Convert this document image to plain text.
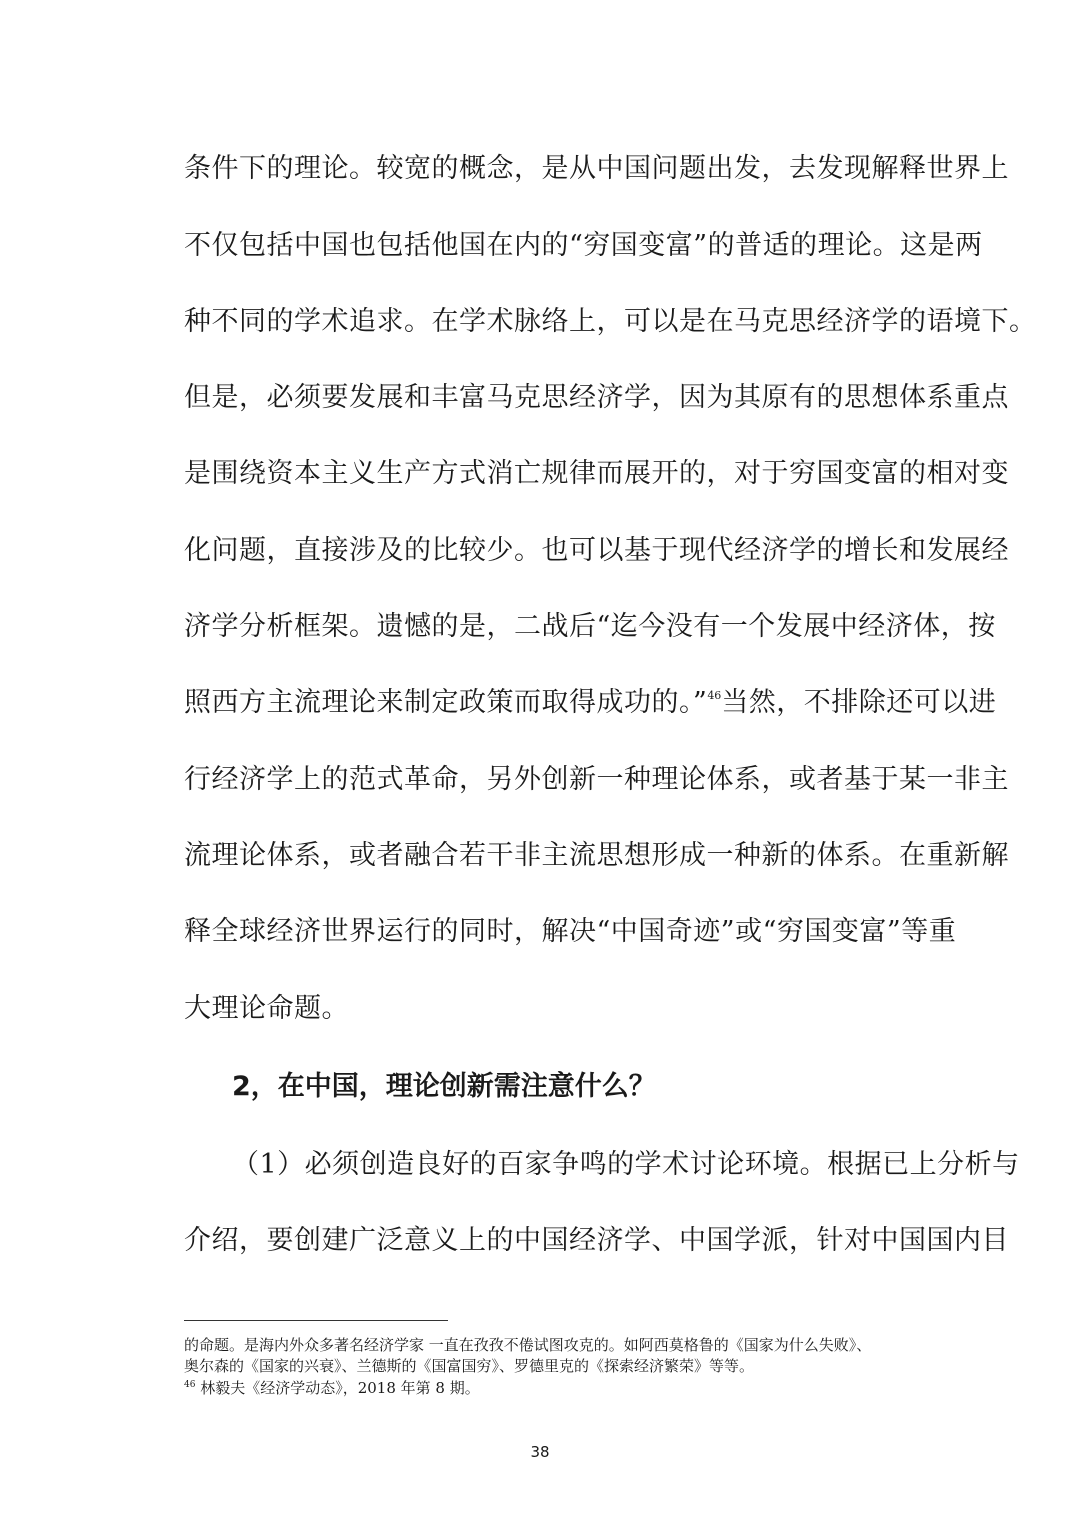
条件下的理论。较宽的概念，是从中国问题出发，去发现解释世界上
不仅包括中国也包括他国在内的“穷国变富”的普适的理论。这是两
种不同的学术追求。在学术脉络上，可以是在马克思经济学的语境下。
但是，必须要发展和丰富马克思经济学，因为其原有的思想体系重点
是围绕资本主义生产方式消亡规律而展开的，对于穷国变富的相对变
化问题，直接涉及的比较少。也可以基于现代经济学的增长和发展经
济学分析框架。遗憾的是，二战后“迄今没有一个发展中经济体，按
照西方主流理论来制定政策而取得成功的。”$^{46}$当然，不排除还可以进
行经济学上的范式革命，另外创新一种理论体系，或者基于某一非主
流理论体系，或者融合若干非主流思想形成一种新的体系。在重新解
释全球经济世界运行的同时，解决“中国奇迹”或“穷国变富”等重
大理论命题。
2，在中国，理论创新需注意什么？
（1）必须创造良好的百家争鸣的学术讨论环境。根据已上分析与
介绍，要创建广泛意义上的中国经济学、中国学派，针对中国国内目
的命题。是海内外众多著名经济学家 一直在孜孜不倦试图攻克的。如阿西莫格鲁的《国家为什么失败》、
奥尔森的《国家的兴衰》、兰德斯的《国富国穷》、罗德里克的《探索经济繁荣》等等。
$^{46}$ 林毅夫《经济学动态》，2018 年第 8 期。
38
